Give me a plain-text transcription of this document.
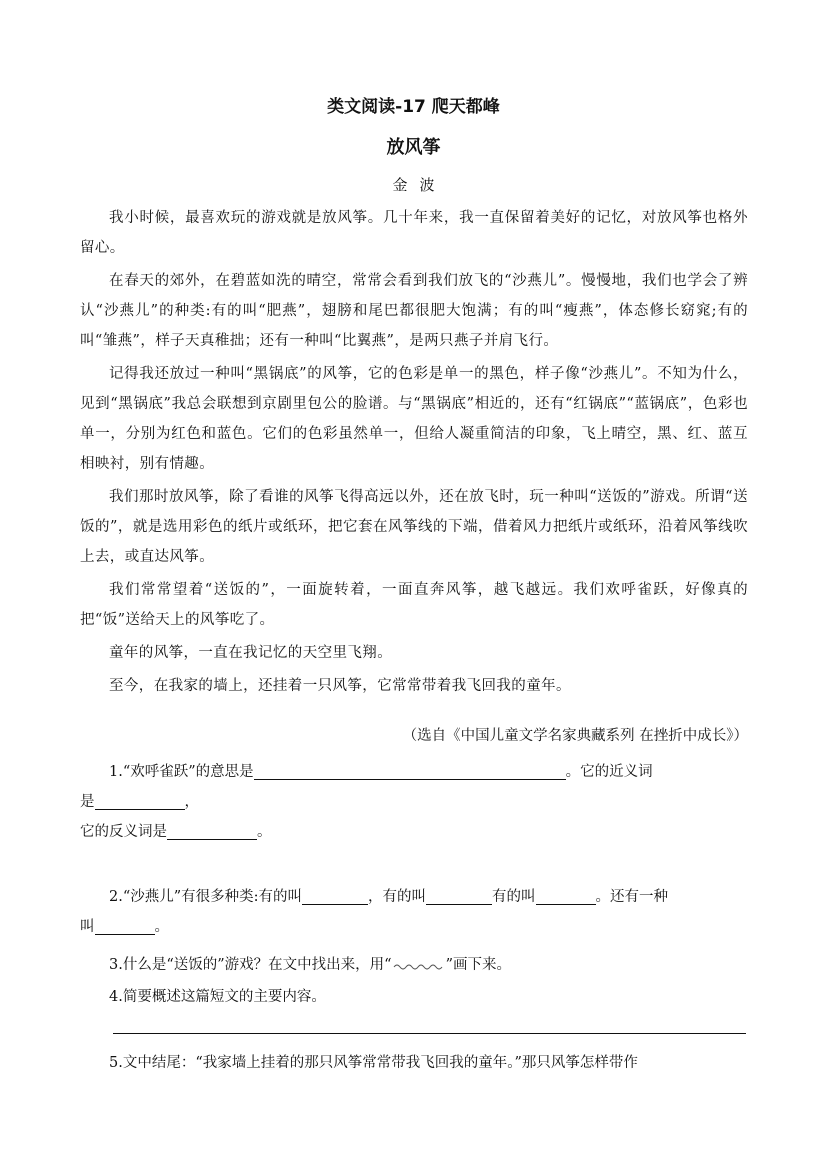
类文阅读-17 爬天都峰
放风筝
金 波

我小时候，最喜欢玩的游戏就是放风筝。几十年来，我一直保留着美好的记忆，对放风筝也格外留心。

在春天的郊外，在碧蓝如洗的晴空，常常会看到我们放飞的“沙燕儿”。慢慢地，我们也学会了辨认“沙燕儿”的种类:有的叫“肥燕”，翅膀和尾巴都很肥大饱满；有的叫“瘦燕”，体态修长窈窕;有的叫“雏燕”，样子天真稚拙；还有一种叫“比翼燕”，是两只燕子并肩飞行。

记得我还放过一种叫“黑锅底”的风筝，它的色彩是单一的黑色，样子像“沙燕儿”。不知为什么，见到“黑锅底”我总会联想到京剧里包公的脸谱。与“黑锅底”相近的，还有“红锅底”“蓝锅底”，色彩也单一，分别为红色和蓝色。它们的色彩虽然单一，但给人凝重简洁的印象，飞上晴空，黑、红、蓝互相映衬，别有情趣。

我们那时放风筝，除了看谁的风筝飞得高远以外，还在放飞时，玩一种叫“送饭的”游戏。所谓“送饭的”，就是选用彩色的纸片或纸环，把它套在风筝线的下端，借着风力把纸片或纸环，沿着风筝线吹上去，或直达风筝。

我们常常望着“送饭的”，一面旋转着，一面直奔风筝，越飞越远。我们欢呼雀跃，好像真的把“饭”送给天上的风筝吃了。

童年的风筝，一直在我记忆的天空里飞翔。

至今，在我家的墙上，还挂着一只风筝，它常常带着我飞回我的童年。

（选自《中国儿童文学名家典藏系列 在挫折中成长》）

1.“欢呼雀跃”的意思是	。它的近义词

是	，

它的反义词是	。

2.“沙燕儿”有很多种类:有的叫	，有的叫	有的叫	。还有一种

叫	。

3.什么是“送饭的”游戏？在文中找出来，用“	”画下来。

4.简要概述这篇短文的主要内容。

5.文中结尾：“我家墙上挂着的那只风筝常常带我飞回我的童年。”那只风筝怎样带作
